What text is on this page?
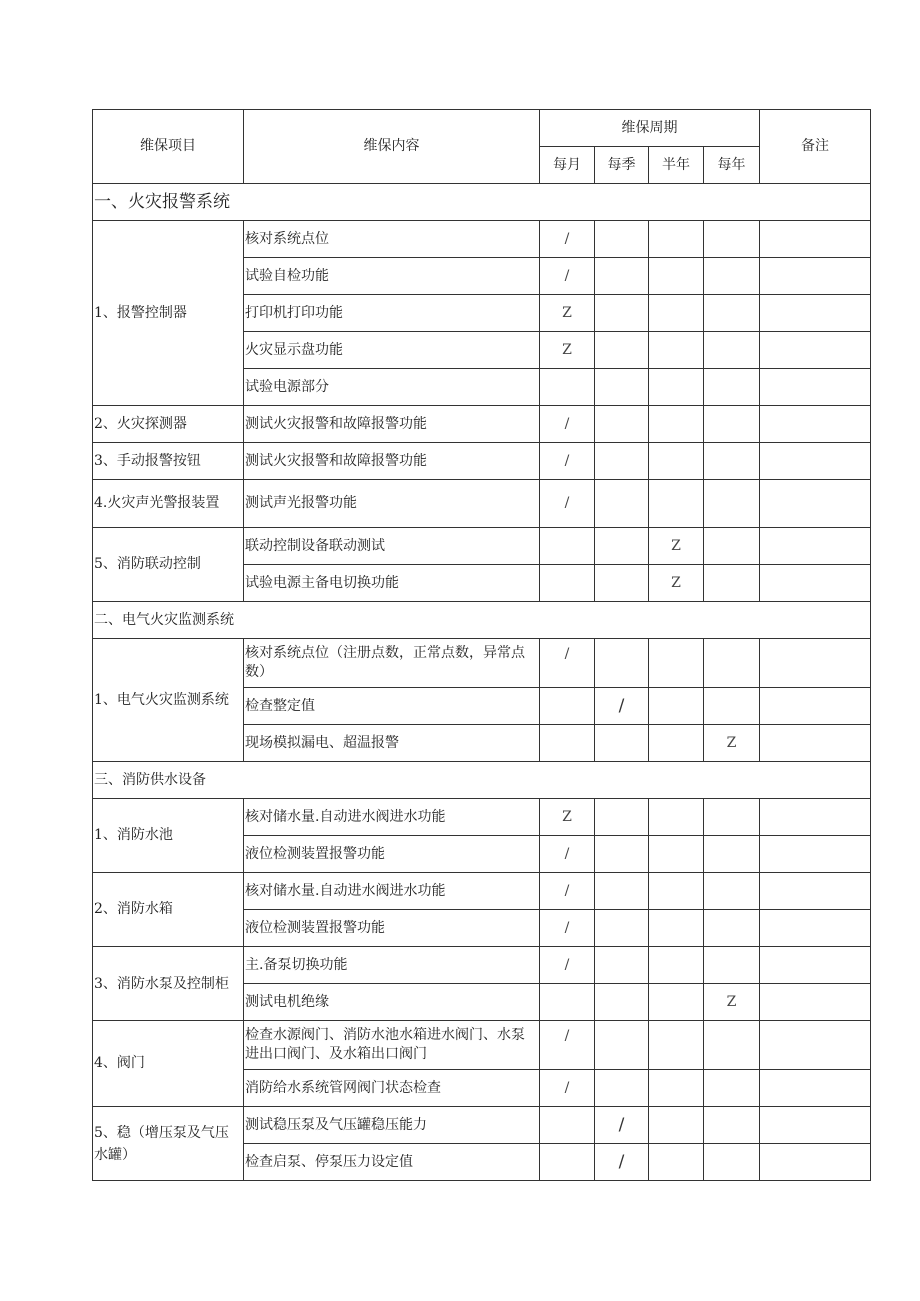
维保项目	维保内容	维保周期				备注
		每月	每季	半年	每年	
一、火灾报警系统						
1、报警控制器	核对系统点位	/				
	试验自检功能	/				
	打印机打印功能	Z				
	火灾显示盘功能	Z				
	试验电源部分					
2、火灾探测器	测试火灾报警和故障报警功能	/				
3、手动报警按钮	测试火灾报警和故障报警功能	/				
4.火灾声光警报装置	测试声光报警功能	/				
5、消防联动控制	联动控制设备联动测试			Z		
	试验电源主备电切换功能			Z		
二、电气火灾监测系统						
1、电气火灾监测系统	核对系统点位（注册点数，正常点数，异常点数）	/				
	检查整定值		/			
	现场模拟漏电、超温报警				Z	
三、消防供水设备						
1、消防水池	核对储水量.自动进水阀进水功能	Z				
	液位检测装置报警功能	/				
2、消防水箱	核对储水量.自动进水阀进水功能	/				
	液位检测装置报警功能	/				
3、消防水泵及控制柜	主.备泵切换功能	/				
	测试电机绝缘				Z	
4、阀门	检查水源阀门、消防水池水箱进水阀门、水泵进出口阀门、及水箱出口阀门	/				
	消防给水系统管网阀门状态检查	/				
5、稳（增压泵及气压水罐）	测试稳压泵及气压罐稳压能力		/			
	检查启泵、停泵压力设定值		/			
